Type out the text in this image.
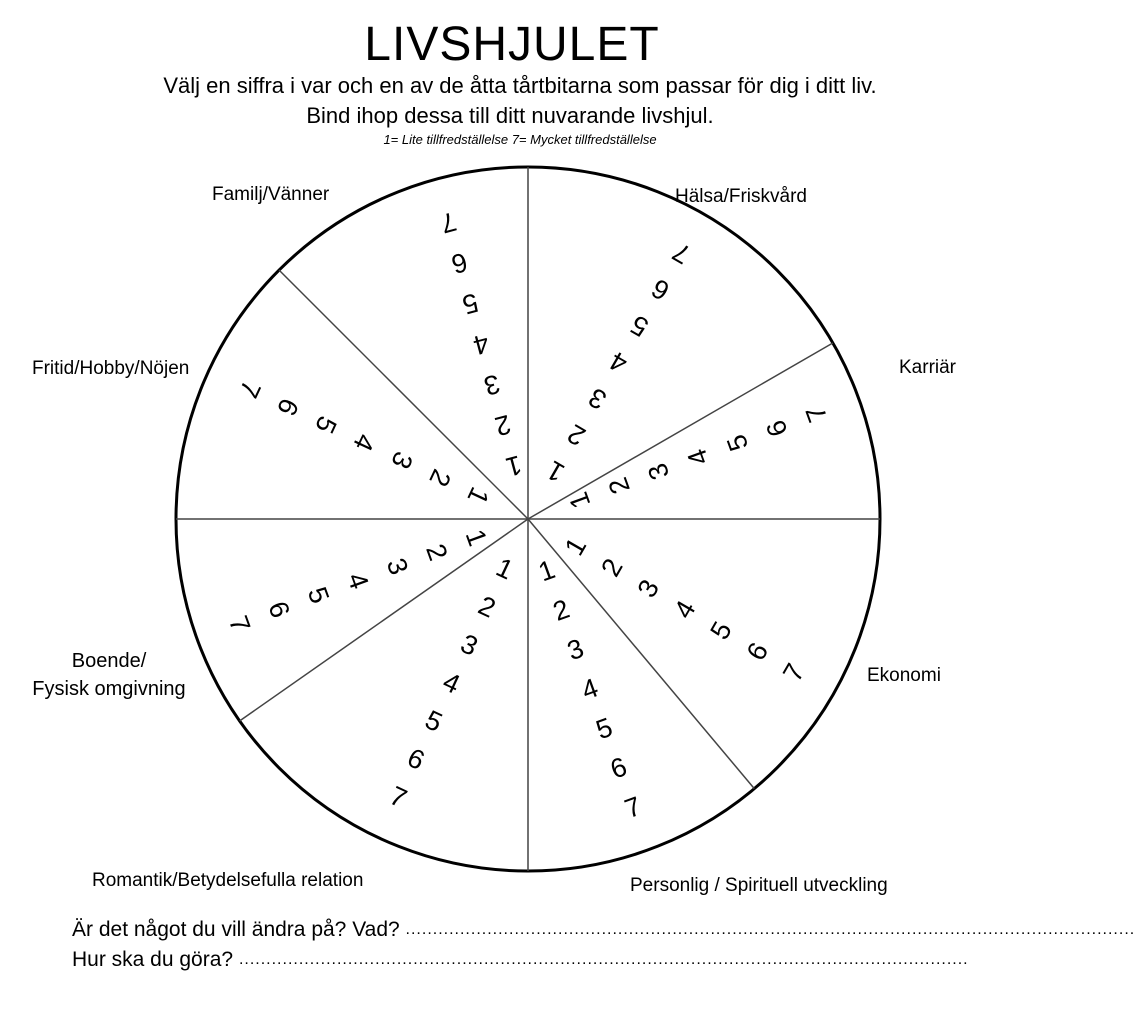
LIVSHJULET
Välj en siffra i var och en av de åtta tårtbitarna som passar för dig i ditt liv.
Bind ihop dessa till ditt nuvarande livshjul.
1= Lite tillfredställelse 7= Mycket tillfredställelse
1
2
3
4
5
6
7
1
2
3
4
5
6
7
1
2
3
4
5
6
7
1
2
3
4
5
6
7
1
2
3
4
5
6
7
1
2
3
4
5
6
7
1
2
3
4
5
6
7
1
2
3
4
5
6
7
Hälsa/Friskvård
Karriär
Ekonomi
Personlig / Spirituell utveckling
Romantik/Betydelsefulla relation
Boende/
Fysisk omgivning
Fritid/Hobby/Nöjen
Familj/Vänner
Är det något du vill ändra på? Vad? ......................................................................................................................................
Hur ska du göra? ......................................................................................................................................
